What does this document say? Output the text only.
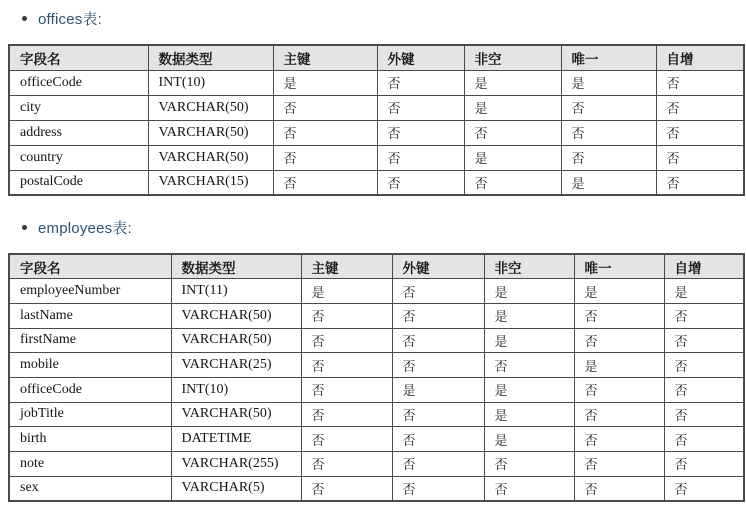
offices表:
字段名	数据类型	主键	外键	非空	唯一	自增
officeCode	INT(10)	是	否	是	是	否
city	VARCHAR(50)	否	否	是	否	否
address	VARCHAR(50)	否	否	否	否	否
country	VARCHAR(50)	否	否	是	否	否
postalCode	VARCHAR(15)	否	否	否	是	否
employees表:
字段名	数据类型	主键	外键	非空	唯一	自增
employeeNumber	INT(11)	是	否	是	是	是
lastName	VARCHAR(50)	否	否	是	否	否
firstName	VARCHAR(50)	否	否	是	否	否
mobile	VARCHAR(25)	否	否	否	是	否
officeCode	INT(10)	否	是	是	否	否
jobTitle	VARCHAR(50)	否	否	是	否	否
birth	DATETIME	否	否	是	否	否
note	VARCHAR(255)	否	否	否	否	否
sex	VARCHAR(5)	否	否	否	否	否
